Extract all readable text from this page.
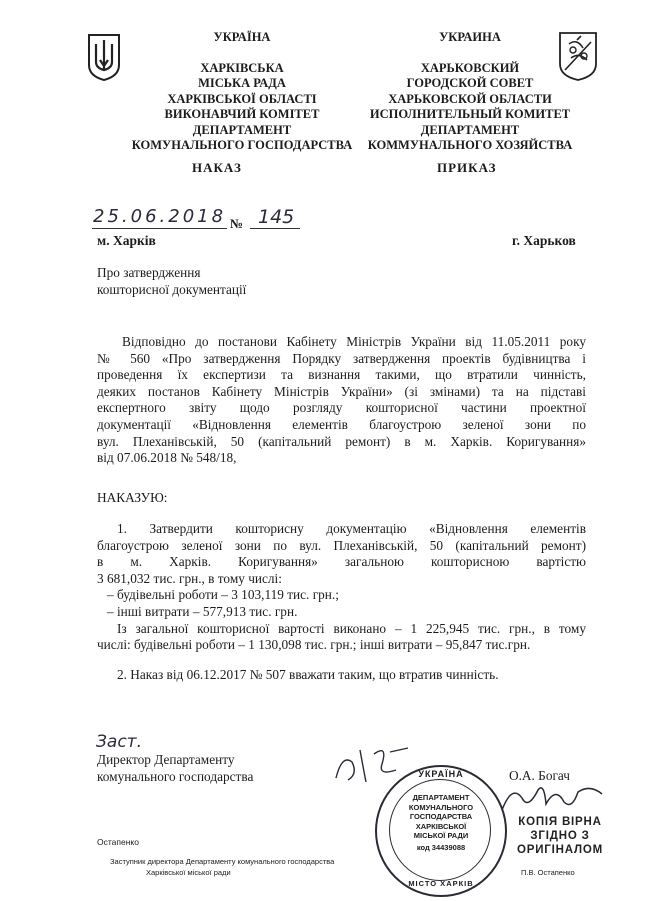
УКРАЇНА
ХАРКІВСЬКА
МІСЬКА РАДА
ХАРКІВСЬКОЇ ОБЛАСТІ
ВИКОНАВЧИЙ КОМІТЕТ
ДЕПАРТАМЕНТ
КОМУНАЛЬНОГО ГОСПОДАРСТВА
НАКАЗ
УКРАИНА
ХАРЬКОВСКИЙ
ГОРОДСКОЙ СОВЕТ
ХАРЬКОВСКОЙ ОБЛАСТИ
ИСПОЛНИТЕЛЬНЫЙ КОМИТЕТ
ДЕПАРТАМЕНТ
КОММУНАЛЬНОГО ХОЗЯЙСТВА
ПРИКАЗ
25.06.2018 № 145
м. Харків	г. Харьков
Про затвердження
кошторисної документації
Відповідно до постанови Кабінету Міністрів України від 11.05.2011 року
№ 560 «Про затвердження Порядку затвердження проектів будівництва і
проведення їх експертизи та визнання такими, що втратили чинність,
деяких постанов Кабінету Міністрів України» (зі змінами) та на підставі
експертного звіту щодо розгляду кошторисної частини проектної
документації «Відновлення елементів благоустрою зеленої зони по
вул. Плеханівській, 50 (капітальний ремонт) в м. Харків. Коригування»
від 07.06.2018 № 548/18,
НАКАЗУЮ:
1. Затвердити кошторисну документацію «Відновлення елементів
благоустрою зеленої зони по вул. Плеханівській, 50 (капітальний ремонт)
в м. Харків. Коригування» загальною кошторисною вартістю
3 681,032 тис. грн., в тому числі:
– будівельні роботи – 3 103,119 тис. грн.;
– інші витрати – 577,913 тис. грн.
Із загальної кошторисної вартості виконано – 1 225,945 тис. грн., в тому
числі: будівельні роботи – 1 130,098 тис. грн.; інші витрати – 95,847 тис.грн.
2. Наказ від 06.12.2017 № 507 вважати таким, що втратив чинність.
Заст.
Директор Департаменту
комунального господарства	О.А. Богач
УКРАЇНА
МІСТО ХАРКІВ
ДЕПАРТАМЕНТ
КОМУНАЛЬНОГО
ГОСПОДАРСТВА
ХАРКІВСЬКОЇ
МІСЬКОЇ РАДИ
код 34439088
КОПІЯ ВІРНА
ЗГІДНО З
ОРИГІНАЛОМ
Остапенко
Заступник директора Департаменту комунального господарства
Харківської міської ради	П.В. Остапенко
